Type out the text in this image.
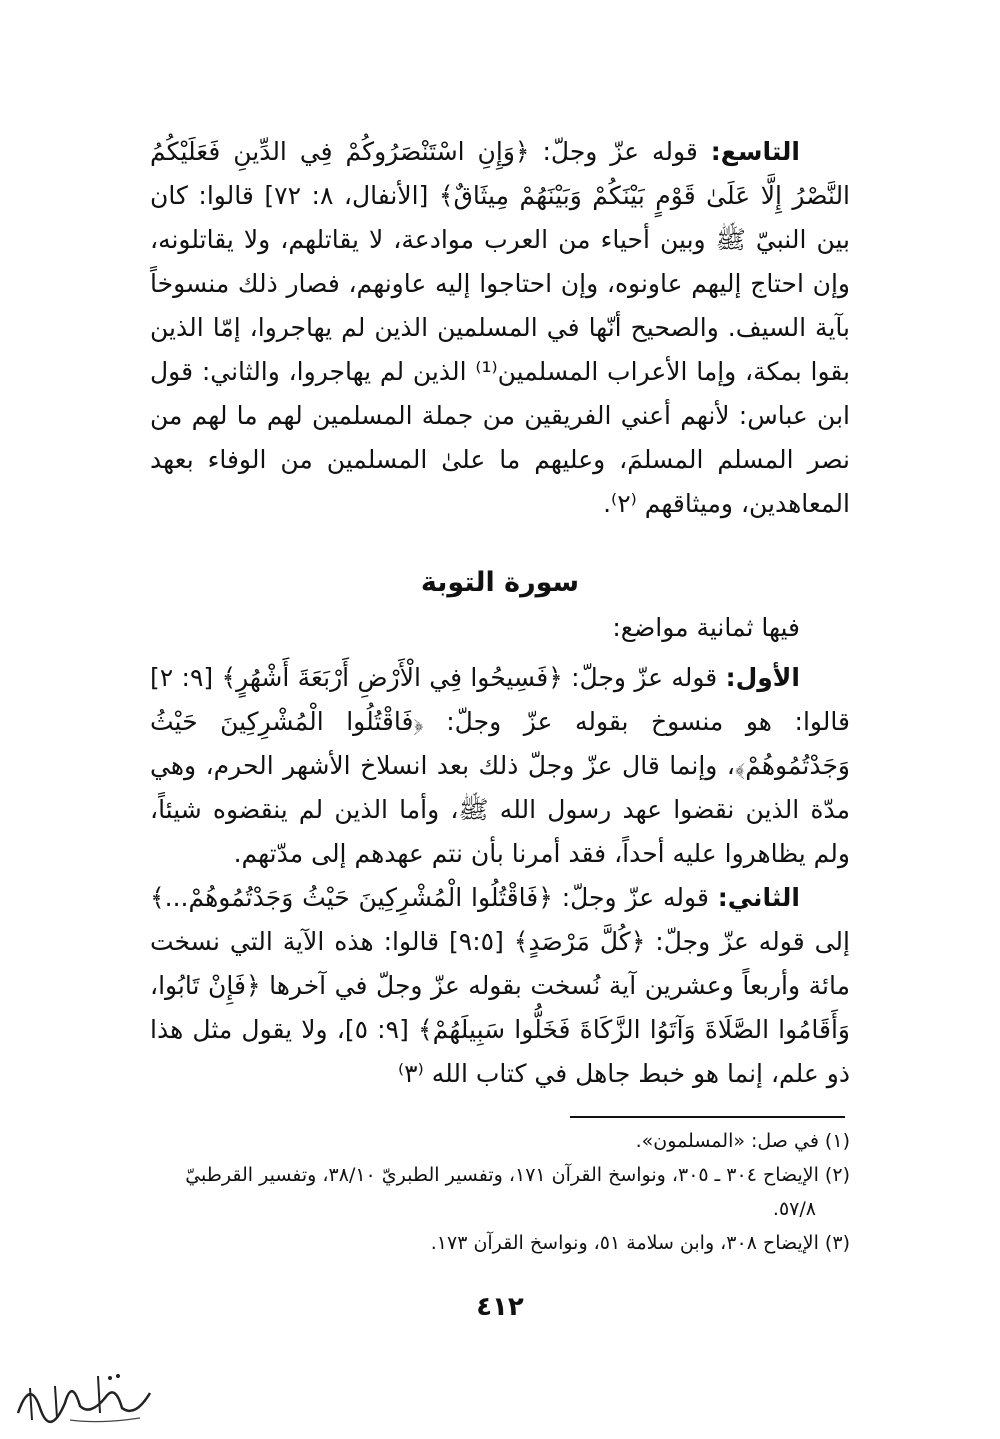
التاسع: قوله عزّ وجلّ: ﴿وَإِنِ اسْتَنْصَرُوكُمْ فِي الدِّينِ فَعَلَيْكُمُ النَّصْرُ إِلَّا عَلَىٰ قَوْمٍ بَيْنَكُمْ وَبَيْنَهُمْ مِيثَاقٌ﴾ [الأنفال، ٨: ٧٢] قالوا: كان بين النبيّ ﷺ وبين أحياء من العرب موادعة، لا يقاتلهم، ولا يقاتلونه، وإن احتاج إليهم عاونوه، وإن احتاجوا إليه عاونهم، فصار ذلك منسوخاً بآية السيف. والصحيح أنّها في المسلمين الذين لم يهاجروا، إمّا الذين بقوا بمكة، وإما الأعراب المسلمين⁽¹⁾ الذين لم يهاجروا، والثاني: قول ابن عباس: لأنهم أعني الفريقين من جملة المسلمين لهم ما لهم من نصر المسلم المسلمَ، وعليهم ما علىٰ المسلمين من الوفاء بعهد المعاهدين، وميثاقهم ⁽٢⁾.

سورة التوبة

فيها ثمانية مواضع:

الأول: قوله عزّ وجلّ: ﴿فَسِيحُوا فِي الْأَرْضِ أَرْبَعَةَ أَشْهُرٍ﴾ [٩: ٢] قالوا: هو منسوخ بقوله عزّ وجلّ: ﴿فَاقْتُلُوا الْمُشْرِكِينَ حَيْثُ وَجَدْتُمُوهُمْ﴾، وإنما قال عزّ وجلّ ذلك بعد انسلاخ الأشهر الحرم، وهي مدّة الذين نقضوا عهد رسول الله ﷺ، وأما الذين لم ينقضوه شيئاً، ولم يظاهروا عليه أحداً، فقد أمرنا بأن نتم عهدهم إلى مدّتهم.

الثاني: قوله عزّ وجلّ: ﴿فَاقْتُلُوا الْمُشْرِكِينَ حَيْثُ وَجَدْتُمُوهُمْ...﴾ إلى قوله عزّ وجلّ: ﴿كُلَّ مَرْصَدٍ﴾ [٩:٥] قالوا: هذه الآية التي نسخت مائة وأربعاً وعشرين آية نُسخت بقوله عزّ وجلّ في آخرها ﴿فَإِنْ تَابُوا، وَأَقَامُوا الصَّلَاةَ وَآتَوُا الزَّكَاةَ فَخَلُّوا سَبِيلَهُمْ﴾ [٩: ٥]، ولا يقول مثل هذا ذو علم، إنما هو خبط جاهل في كتاب الله ⁽٣⁾

(١) في صل: «المسلمون».

(٢) الإيضاح ٣٠٤ ـ ٣٠٥، ونواسخ القرآن ١٧١، وتفسير الطبريّ ٣٨/١٠، وتفسير القرطبيّ ٥٧/٨.

(٣) الإيضاح ٣٠٨، وابن سلامة ٥١، ونواسخ القرآن ١٧٣.

٤١٢
